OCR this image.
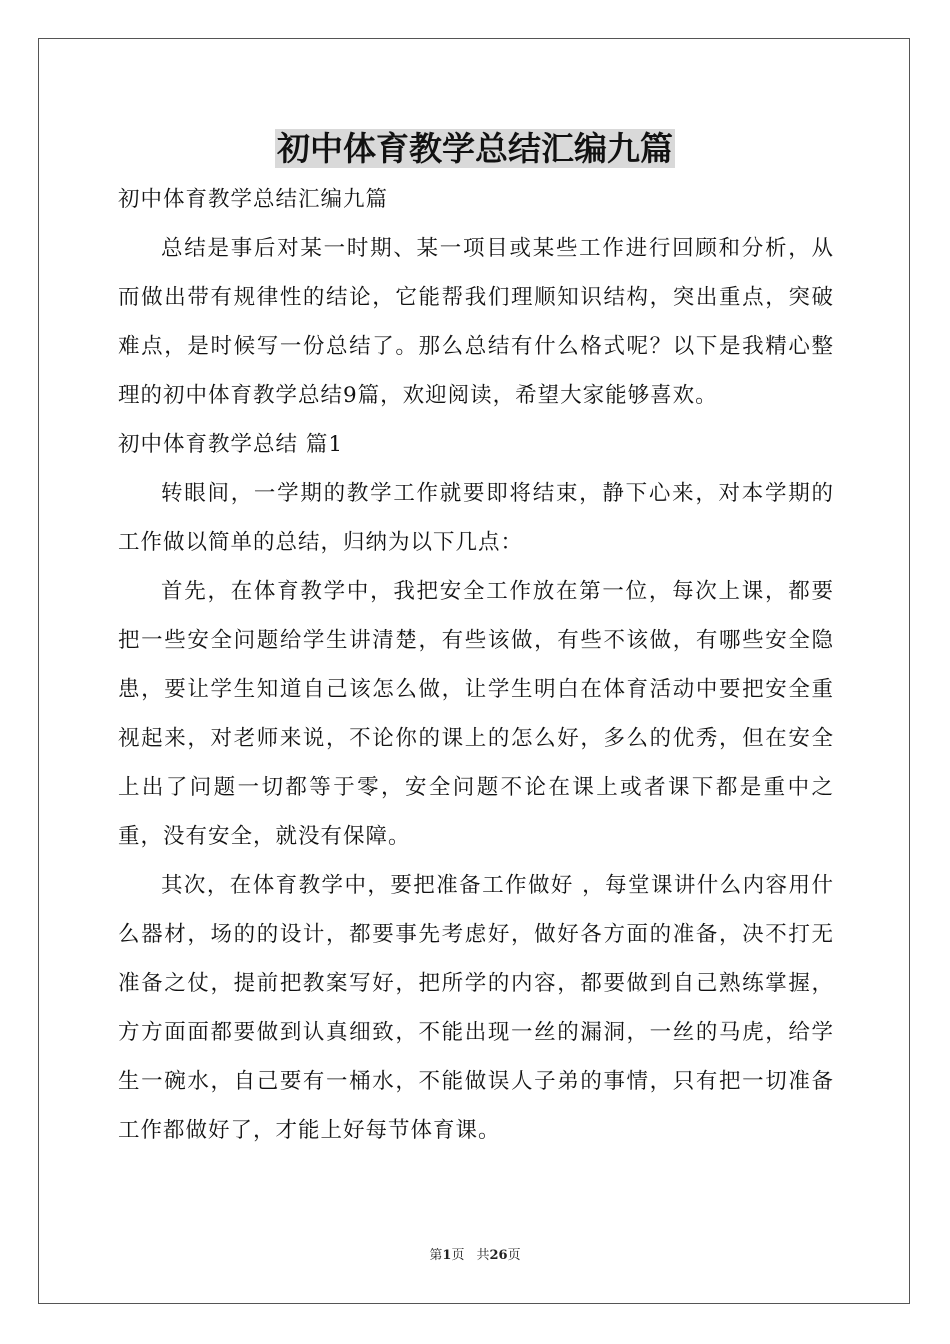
初中体育教学总结汇编九篇

初中体育教学总结汇编九篇

总结是事后对某一时期、某一项目或某些工作进行回顾和分析，从而做出带有规律性的结论，它能帮我们理顺知识结构，突出重点，突破难点，是时候写一份总结了。那么总结有什么格式呢？以下是我精心整理的初中体育教学总结9篇，欢迎阅读，希望大家能够喜欢。

初中体育教学总结 篇1

转眼间，一学期的教学工作就要即将结束，静下心来，对本学期的工作做以简单的总结，归纳为以下几点：

首先，在体育教学中，我把安全工作放在第一位，每次上课，都要把一些安全问题给学生讲清楚，有些该做，有些不该做，有哪些安全隐患，要让学生知道自己该怎么做，让学生明白在体育活动中要把安全重视起来，对老师来说，不论你的课上的怎么好，多么的优秀，但在安全上出了问题一切都等于零，安全问题不论在课上或者课下都是重中之重，没有安全，就没有保障。

其次，在体育教学中，要把准备工作做好 ，每堂课讲什么内容用什么器材，场的的设计，都要事先考虑好，做好各方面的准备，决不打无准备之仗，提前把教案写好，把所学的内容，都要做到自己熟练掌握，方方面面都要做到认真细致，不能出现一丝的漏洞，一丝的马虎，给学生一碗水，自己要有一桶水，不能做误人子弟的事情，只有把一切准备工作都做好了，才能上好每节体育课。

第1页 共26页
